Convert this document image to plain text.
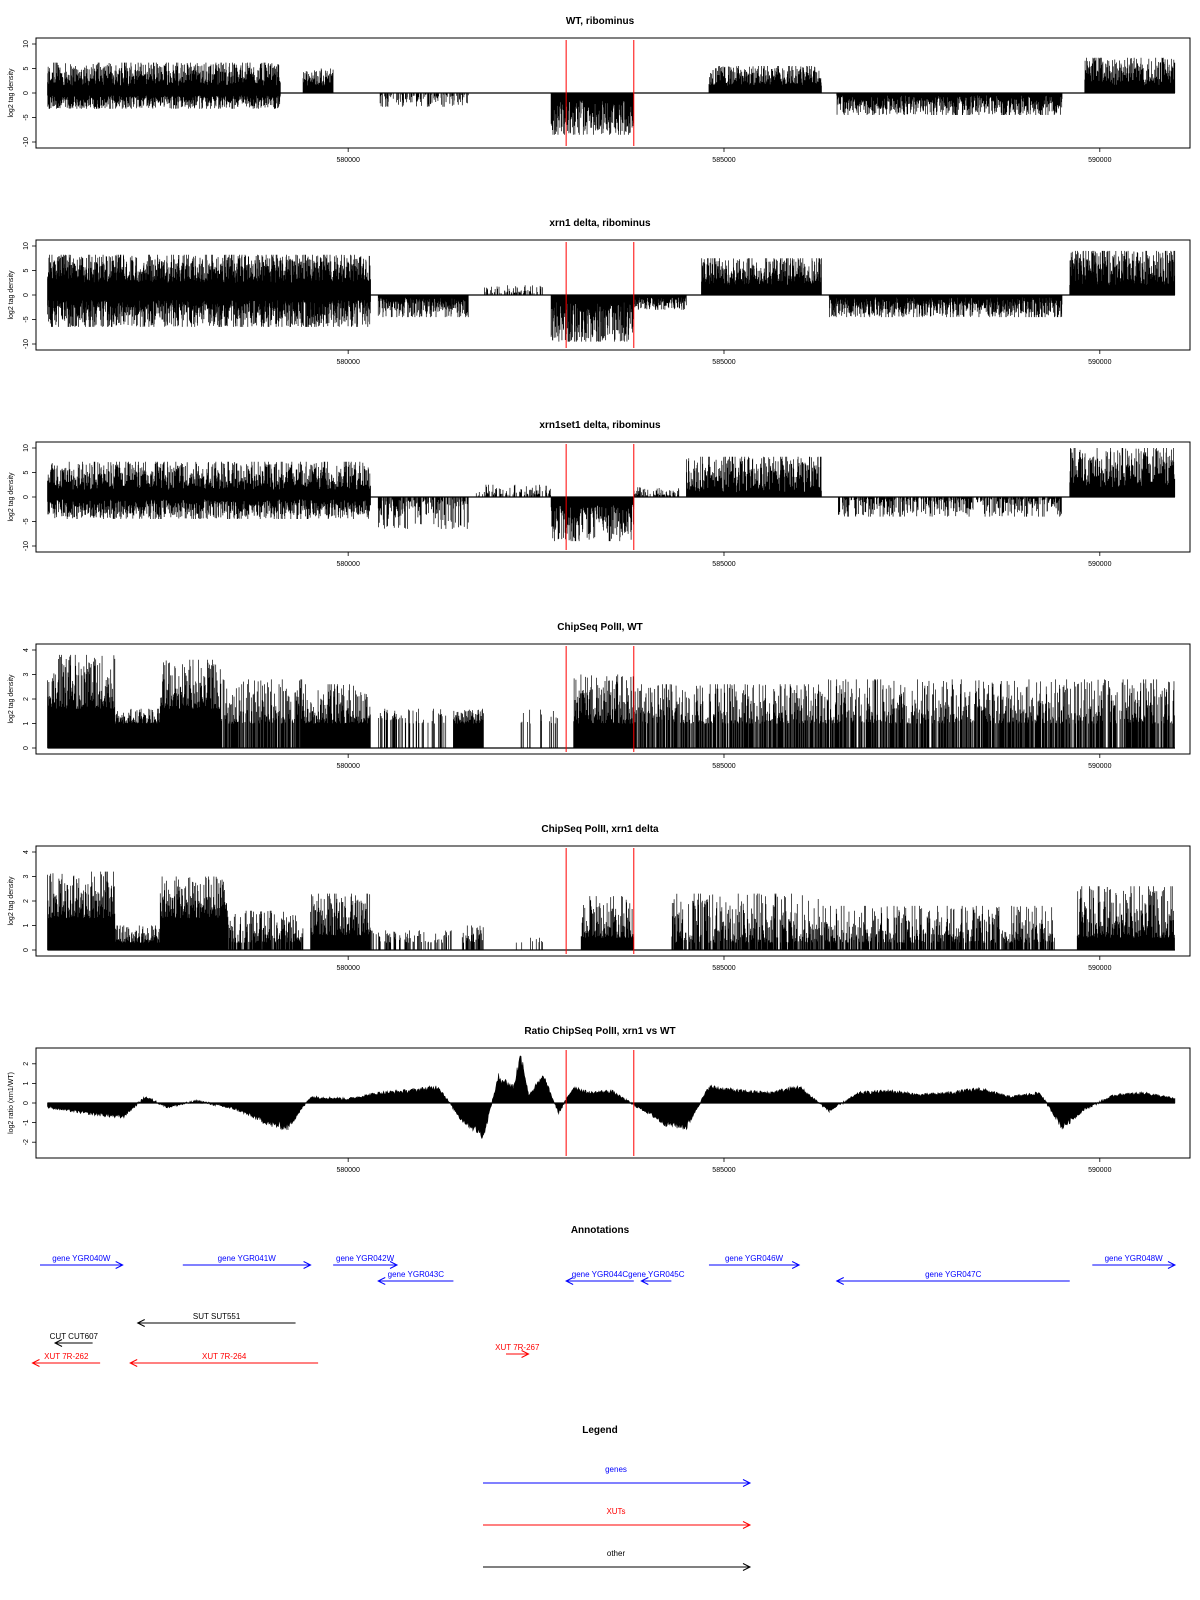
WT, ribominus
log2 tag density
10
5
0
-5
-10
580000	585000	590000
xrn1 delta, ribominus
log2 tag density
10
5
0
-5
-10
580000	585000	590000
xrn1set1 delta, ribominus
log2 tag density
10
5
0
-5
-10
580000	585000	590000
ChipSeq PolII, WT
log2 tag density
0
1
2
3
4
580000	585000	590000
ChipSeq PolII, xrn1 delta
log2 tag density
0
1
2
3
4
580000	585000	590000
Ratio ChipSeq PolII, xrn1 vs WT
log2 ratio (xrn1/WT)
2
1
0
-1
-2
580000	585000	590000
Annotations
gene YGR040W	gene YGR041W	gene YGR042W
gene YGR043C	gene YGR044C gene YGR045C
gene YGR046W
gene YGR047C
gene YGR048W
SUT SUT551
CUT CUT607
XUT 7R-262	XUT 7R-264
XUT 7R-267
Legend
genes
XUTs
other
